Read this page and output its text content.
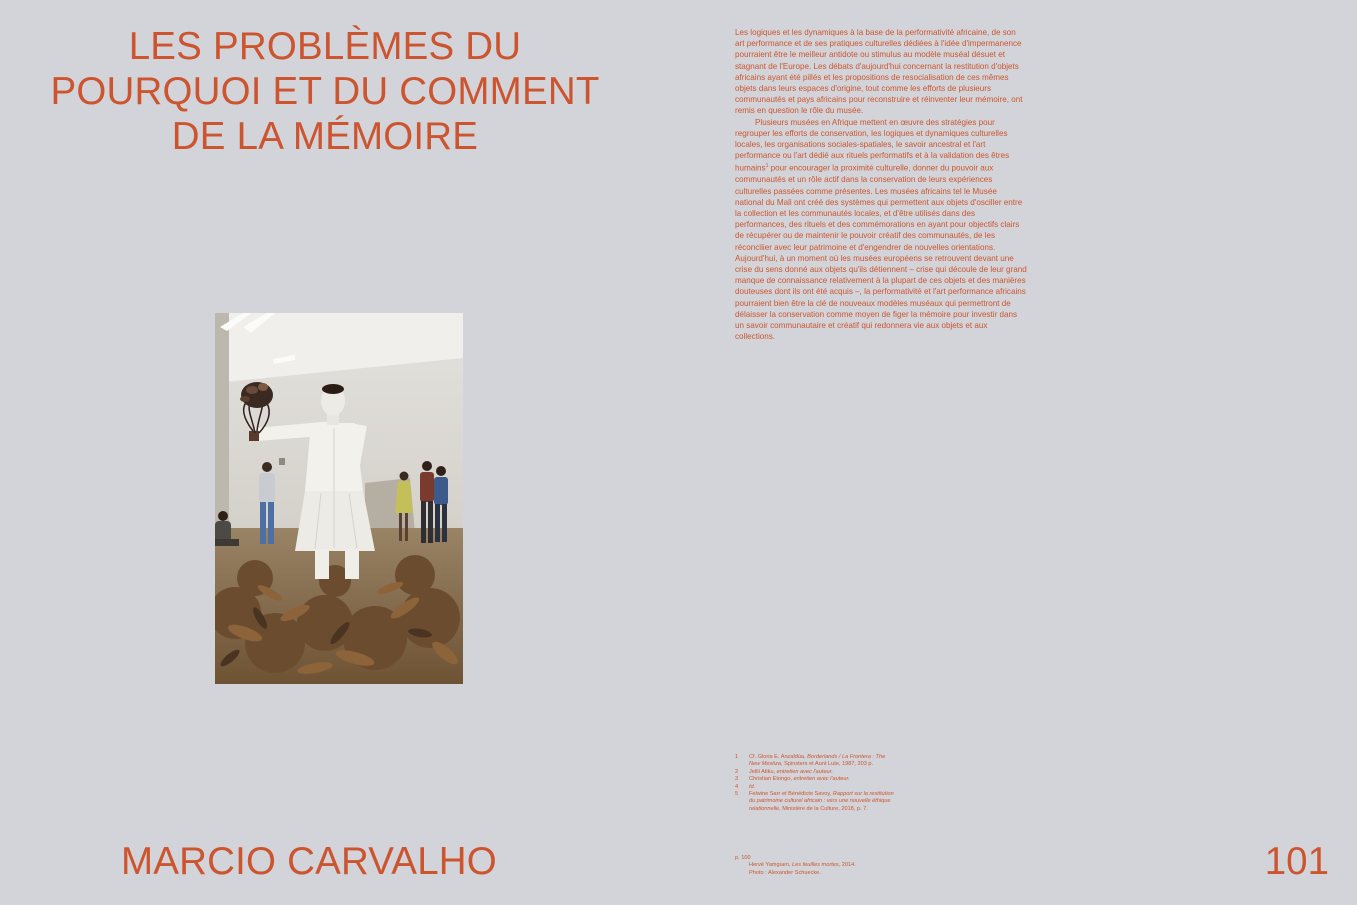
LES PROBLÈMES DU
POURQUOI ET DU COMMENT
DE LA MÉMOIRE

Les logiques et les dynamiques à la base de la performativité africaine, de son art performance et de ses pratiques culturelles dédiées à l'idée d'impermanence pourraient être le meilleur antidote ou stimulus au modèle muséal désuet et stagnant de l'Europe. Les débats d'aujourd'hui concernant la restitution d'objets africains ayant été pillés et les propositions de resocialisation de ces mêmes objets dans leurs espaces d'origine, tout comme les efforts de plusieurs communautés et pays africains pour reconstruire et réinventer leur mémoire, ont remis en question le rôle du musée.

Plusieurs musées en Afrique mettent en œuvre des stratégies pour regrouper les efforts de conservation, les logiques et dynamiques culturelles locales, les organisations sociales-spatiales, le savoir ancestral et l'art performance ou l'art dédié aux rituels performatifs et à la validation des êtres humains$^1$ pour encourager la proximité culturelle, donner du pouvoir aux communautés et un rôle actif dans la conservation de leurs expériences culturelles passées comme présentes. Les musées africains tel le Musée national du Mali ont créé des systèmes qui permettent aux objets d'osciller entre la collection et les communautés locales, et d'être utilisés dans des performances, des rituels et des commémorations en ayant pour objectifs clairs de récupérer ou de maintenir le pouvoir créatif des communautés, de les réconcilier avec leur patrimoine et d'engendrer de nouvelles orientations. Aujourd'hui, à un moment où les musées européens se retrouvent devant une crise du sens donné aux objets qu'ils détiennent – crise qui découle de leur grand manque de connaissance relativement à la plupart de ces objets et des manières douteuses dont ils ont été acquis –, la performativité et l'art performance africains pourraient bien être la clé de nouveaux modèles muséaux qui permettront de délaisser la conservation comme moyen de figer la mémoire pour investir dans un savoir communautaire et créatif qui redonnera vie aux objets et aux collections.

1	Cf. Gloria E. Anzaldúa, Borderlands / La Frontera : The New Mestiza, Spinsters et Aunt Lute, 1987, 203 p.
2	Jelili Atiku, entretien avec l'auteur.
3	Christian Etongo, entretien avec l'auteur.
4	Id.
5	Felwine Sarr et Bénédicte Savoy, Rapport sur la restitution du patrimoine culturel africain : vers une nouvelle éthique relationnelle, Ministère de la Culture, 2018, p. 7.
p. 100
Hervé Yamguen, Les feuilles mortes, 2014.
Photo : Alexander Schuecke.
MARCIO CARVALHO	101
